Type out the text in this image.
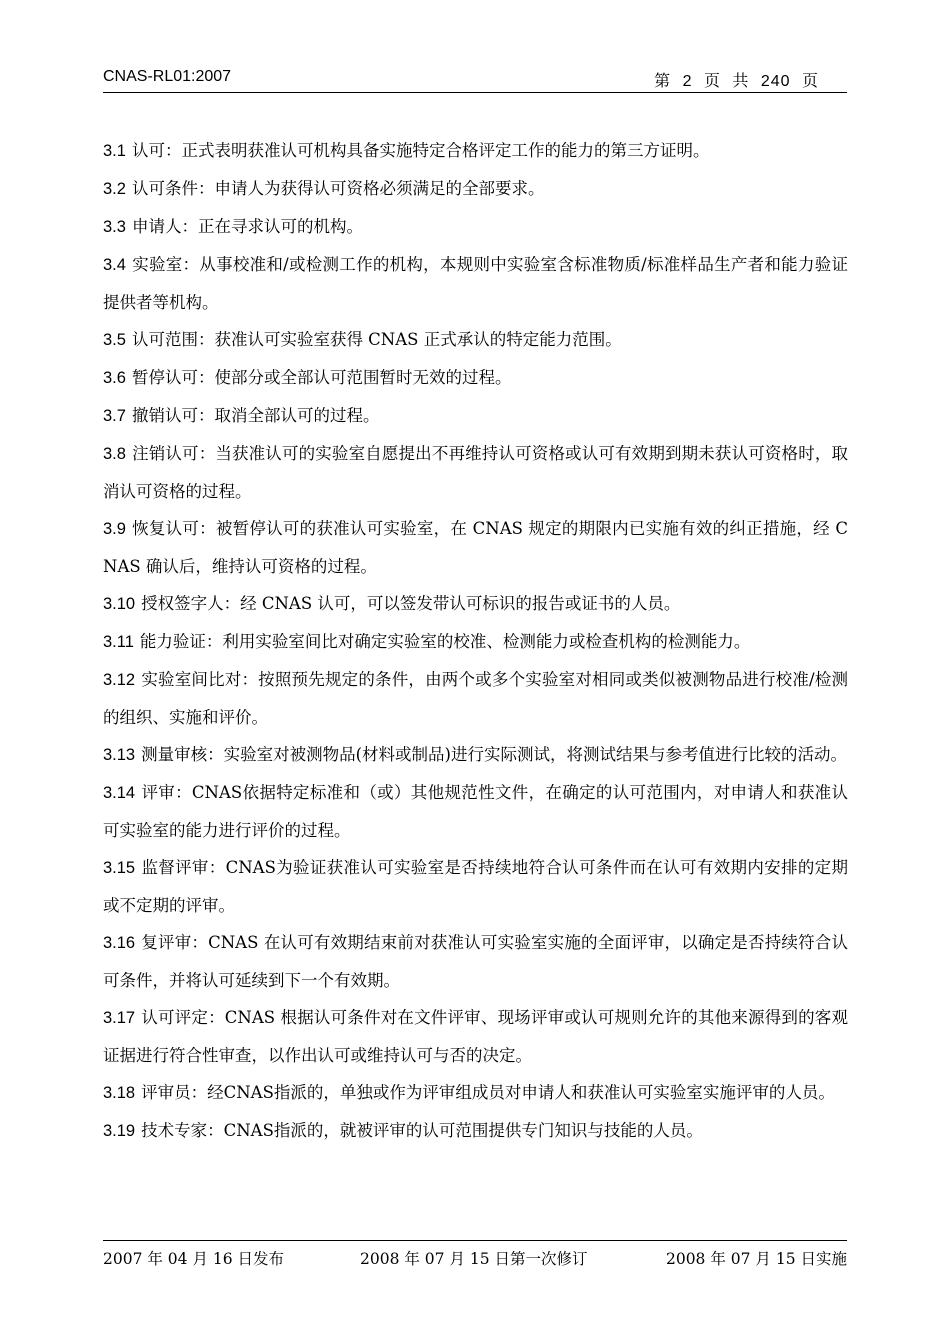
CNAS-RL01:2007	第 2 页 共 240 页
3.1 认可：正式表明获准认可机构具备实施特定合格评定工作的能力的第三方证明。
3.2 认可条件：申请人为获得认可资格必须满足的全部要求。
3.3 申请人：正在寻求认可的机构。
3.4 实验室：从事校准和/或检测工作的机构，本规则中实验室含标准物质/标准样品生产者和能力验证提供者等机构。
3.5 认可范围：获准认可实验室获得 CNAS 正式承认的特定能力范围。
3.6 暂停认可：使部分或全部认可范围暂时无效的过程。
3.7 撤销认可：取消全部认可的过程。
3.8 注销认可：当获准认可的实验室自愿提出不再维持认可资格或认可有效期到期未获认可资格时，取消认可资格的过程。
3.9 恢复认可：被暂停认可的获准认可实验室，在 CNAS 规定的期限内已实施有效的纠正措施，经 CNAS 确认后，维持认可资格的过程。
3.10 授权签字人：经 CNAS 认可，可以签发带认可标识的报告或证书的人员。
3.11 能力验证：利用实验室间比对确定实验室的校准、检测能力或检查机构的检测能力。
3.12 实验室间比对：按照预先规定的条件，由两个或多个实验室对相同或类似被测物品进行校准/检测的组织、实施和评价。
3.13 测量审核：实验室对被测物品(材料或制品)进行实际测试，将测试结果与参考值进行比较的活动。
3.14 评审：CNAS依据特定标准和（或）其他规范性文件，在确定的认可范围内，对申请人和获准认可实验室的能力进行评价的过程。
3.15 监督评审：CNAS为验证获准认可实验室是否持续地符合认可条件而在认可有效期内安排的定期或不定期的评审。
3.16 复评审：CNAS 在认可有效期结束前对获准认可实验室实施的全面评审，以确定是否持续符合认可条件，并将认可延续到下一个有效期。
3.17 认可评定：CNAS 根据认可条件对在文件评审、现场评审或认可规则允许的其他来源得到的客观证据进行符合性审查，以作出认可或维持认可与否的决定。
3.18 评审员：经CNAS指派的，单独或作为评审组成员对申请人和获准认可实验室实施评审的人员。
3.19 技术专家：CNAS指派的，就被评审的认可范围提供专门知识与技能的人员。
2007 年 04 月 16 日发布	2008 年 07 月 15 日第一次修订	2008 年 07 月 15 日实施
